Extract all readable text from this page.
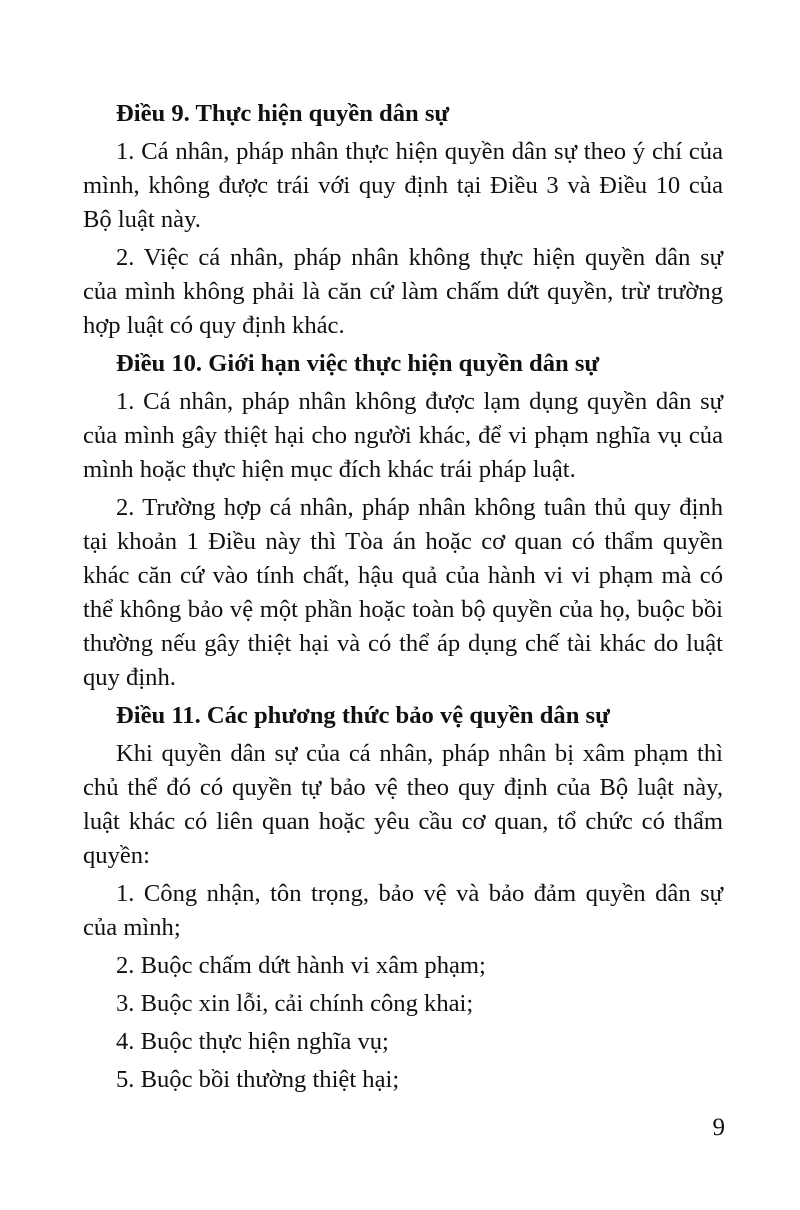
Điều 9. Thực hiện quyền dân sự

1. Cá nhân, pháp nhân thực hiện quyền dân sự theo ý chí của mình, không được trái với quy định tại Điều 3 và Điều 10 của Bộ luật này.

2. Việc cá nhân, pháp nhân không thực hiện quyền dân sự của mình không phải là căn cứ làm chấm dứt quyền, trừ trường hợp luật có quy định khác.

Điều 10. Giới hạn việc thực hiện quyền dân sự

1. Cá nhân, pháp nhân không được lạm dụng quyền dân sự của mình gây thiệt hại cho người khác, để vi phạm nghĩa vụ của mình hoặc thực hiện mục đích khác trái pháp luật.

2. Trường hợp cá nhân, pháp nhân không tuân thủ quy định tại khoản 1 Điều này thì Tòa án hoặc cơ quan có thẩm quyền khác căn cứ vào tính chất, hậu quả của hành vi vi phạm mà có thể không bảo vệ một phần hoặc toàn bộ quyền của họ, buộc bồi thường nếu gây thiệt hại và có thể áp dụng chế tài khác do luật quy định.

Điều 11. Các phương thức bảo vệ quyền dân sự

Khi quyền dân sự của cá nhân, pháp nhân bị xâm phạm thì chủ thể đó có quyền tự bảo vệ theo quy định của Bộ luật này, luật khác có liên quan hoặc yêu cầu cơ quan, tổ chức có thẩm quyền:

1. Công nhận, tôn trọng, bảo vệ và bảo đảm quyền dân sự của mình;

2. Buộc chấm dứt hành vi xâm phạm;

3. Buộc xin lỗi, cải chính công khai;

4. Buộc thực hiện nghĩa vụ;

5. Buộc bồi thường thiệt hại;

9
